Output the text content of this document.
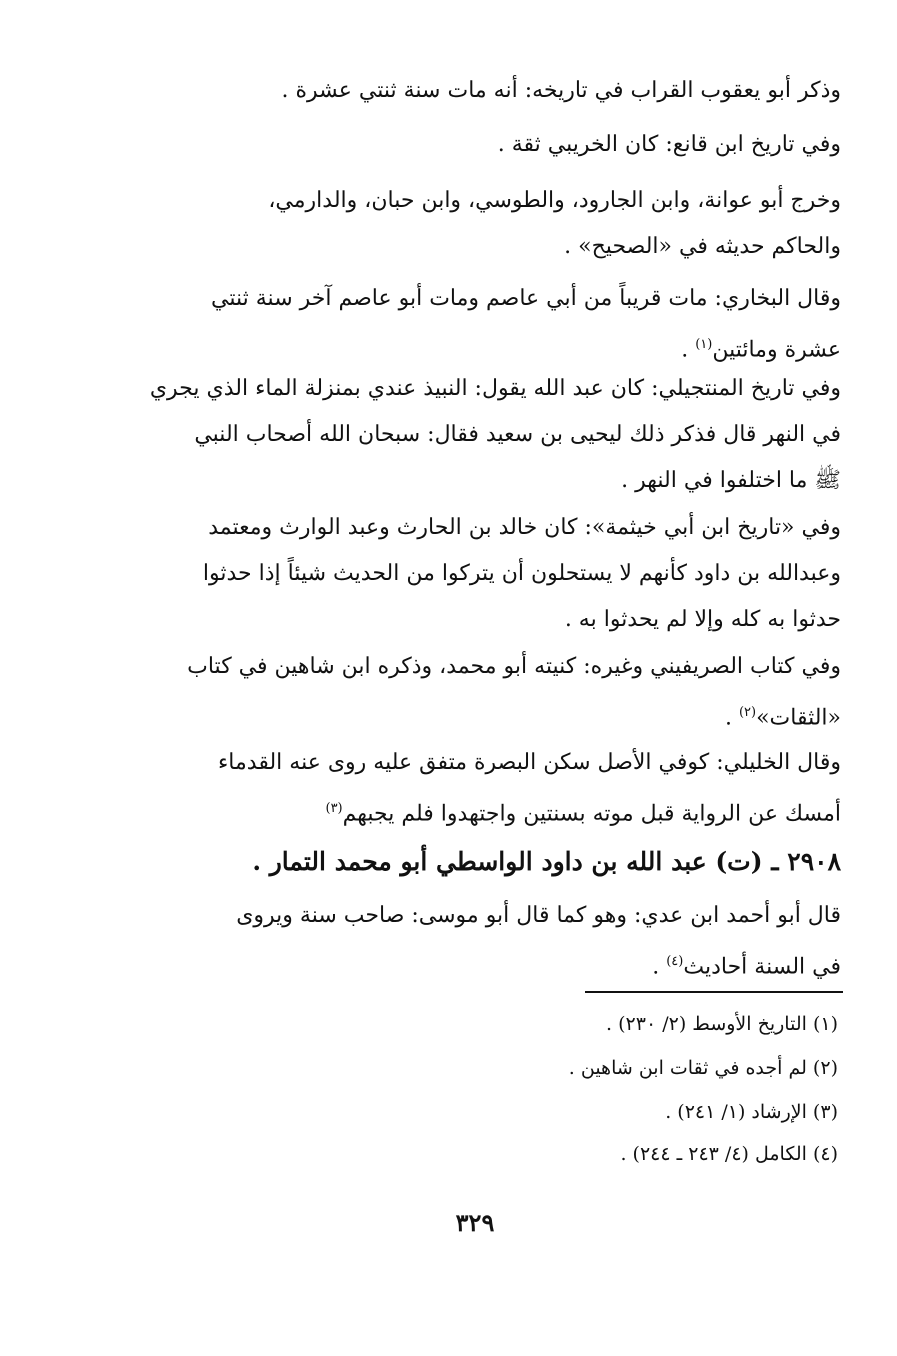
وذكر أبو يعقوب القراب في تاريخه: أنه مات سنة ثنتي عشرة .
وفي تاريخ ابن قانع: كان الخريبي ثقة .
وخرج أبو عوانة، وابن الجارود، والطوسي، وابن حبان، والدارمي،
والحاكم حديثه في «الصحيح» .
وقال البخاري: مات قريباً من أبي عاصم ومات أبو عاصم آخر سنة ثنتي
عشرة ومائتين$^{(١)}$ .
وفي تاريخ المنتجيلي: كان عبد الله يقول: النبيذ عندي بمنزلة الماء الذي يجري
في النهر قال فذكر ذلك ليحيى بن سعيد فقال: سبحان الله أصحاب النبي
ﷺ ما اختلفوا في النهر .
وفي «تاريخ ابن أبي خيثمة»: كان خالد بن الحارث وعبد الوارث ومعتمد
وعبدالله بن داود كأنهم لا يستحلون أن يتركوا من الحديث شيئاً إذا حدثوا
حدثوا به كله وإلا لم يحدثوا به .
وفي كتاب الصريفيني وغيره: كنيته أبو محمد، وذكره ابن شاهين في كتاب
«الثقات»$^{(٢)}$ .
وقال الخليلي: كوفي الأصل سكن البصرة متفق عليه روى عنه القدماء
أمسك عن الرواية قبل موته بسنتين واجتهدوا فلم يجبهم$^{(٣)}$
٢٩٠٨ ـ (ت) عبد الله بن داود الواسطي أبو محمد التمار .
قال أبو أحمد ابن عدي: وهو كما قال أبو موسى: صاحب سنة ويروى
في السنة أحاديث$^{(٤)}$ .
(١) التاريخ الأوسط (٢/ ٢٣٠) .
(٢) لم أجده في ثقات ابن شاهين .
(٣) الإرشاد (١/ ٢٤١) .
(٤) الكامل (٤/ ٢٤٣ ـ ٢٤٤) .
٣٢٩
